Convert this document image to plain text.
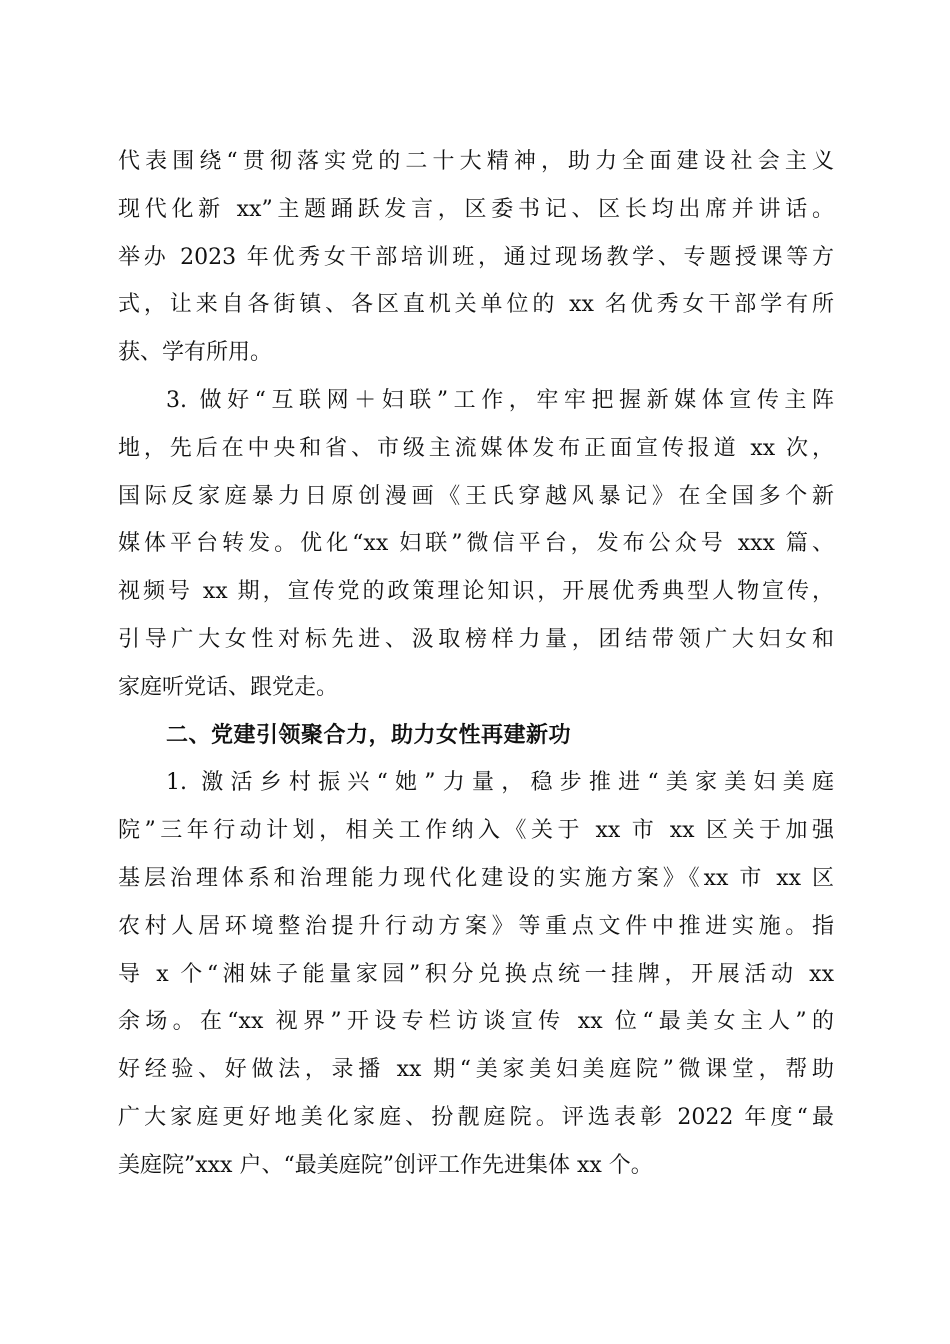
代表围绕“贯彻落实党的二十大精神，助力全面建设社会主义
现代化新 xx”主题踊跃发言，区委书记、区长均出席并讲话。
举办 2023 年优秀女干部培训班，通过现场教学、专题授课等方
式，让来自各街镇、各区直机关单位的 xx 名优秀女干部学有所
获、学有所用。
3. 做好“互联网＋妇联”工作，牢牢把握新媒体宣传主阵
地，先后在中央和省、市级主流媒体发布正面宣传报道 xx 次，
国际反家庭暴力日原创漫画《王氏穿越风暴记》在全国多个新
媒体平台转发。优化“xx 妇联”微信平台，发布公众号 xxx 篇、
视频号 xx 期，宣传党的政策理论知识，开展优秀典型人物宣传，
引导广大女性对标先进、汲取榜样力量，团结带领广大妇女和
家庭听党话、跟党走。
二、党建引领聚合力，助力女性再建新功
1. 激活乡村振兴“她”力量，稳步推进“美家美妇美庭
院”三年行动计划，相关工作纳入《关于 xx 市 xx 区关于加强
基层治理体系和治理能力现代化建设的实施方案》《xx 市 xx 区
农村人居环境整治提升行动方案》等重点文件中推进实施。指
导 x 个“湘妹子能量家园”积分兑换点统一挂牌，开展活动 xx
余场。在“xx 视界”开设专栏访谈宣传 xx 位“最美女主人”的
好经验、好做法，录播 xx 期“美家美妇美庭院”微课堂，帮助
广大家庭更好地美化家庭、扮靓庭院。评选表彰 2022 年度“最
美庭院”xxx 户、“最美庭院”创评工作先进集体 xx 个。
